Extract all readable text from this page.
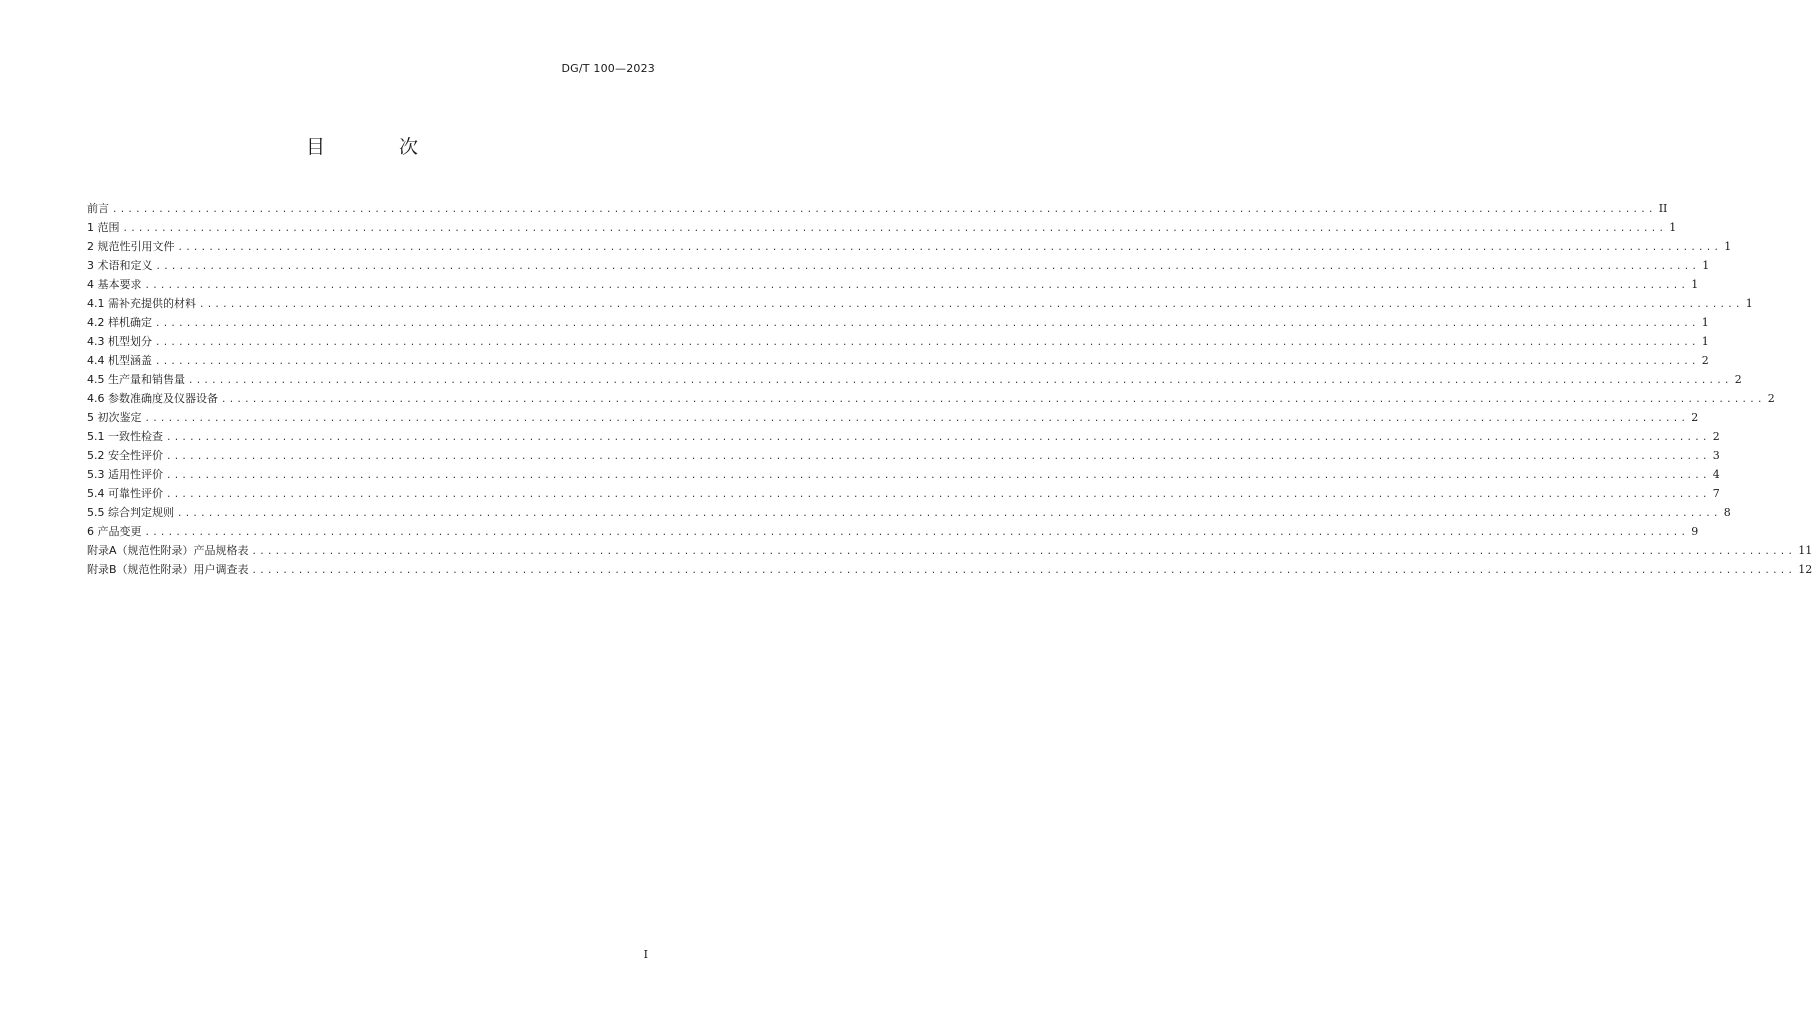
DG/T 100—2023
目 次
前言 ........................................................................................................................................................................................................ II
1 范围 ........................................................................................................................................................................................................ 1
2 规范性引用文件 ........................................................................................................................................................................................................ 1
3 术语和定义 ........................................................................................................................................................................................................ 1
4 基本要求 ........................................................................................................................................................................................................ 1
4.1 需补充提供的材料 ........................................................................................................................................................................................................ 1
4.2 样机确定 ........................................................................................................................................................................................................ 1
4.3 机型划分 ........................................................................................................................................................................................................ 1
4.4 机型涵盖 ........................................................................................................................................................................................................ 2
4.5 生产量和销售量 ........................................................................................................................................................................................................ 2
4.6 参数准确度及仪器设备 ........................................................................................................................................................................................................ 2
5 初次鉴定 ........................................................................................................................................................................................................ 2
5.1 一致性检查 ........................................................................................................................................................................................................ 2
5.2 安全性评价 ........................................................................................................................................................................................................ 3
5.3 适用性评价 ........................................................................................................................................................................................................ 4
5.4 可靠性评价 ........................................................................................................................................................................................................ 7
5.5 综合判定规则 ........................................................................................................................................................................................................ 8
6 产品变更 ........................................................................................................................................................................................................ 9
附录A（规范性附录）产品规格表 ........................................................................................................................................................................................................ 11
附录B（规范性附录）用户调查表 ........................................................................................................................................................................................................ 12
I
